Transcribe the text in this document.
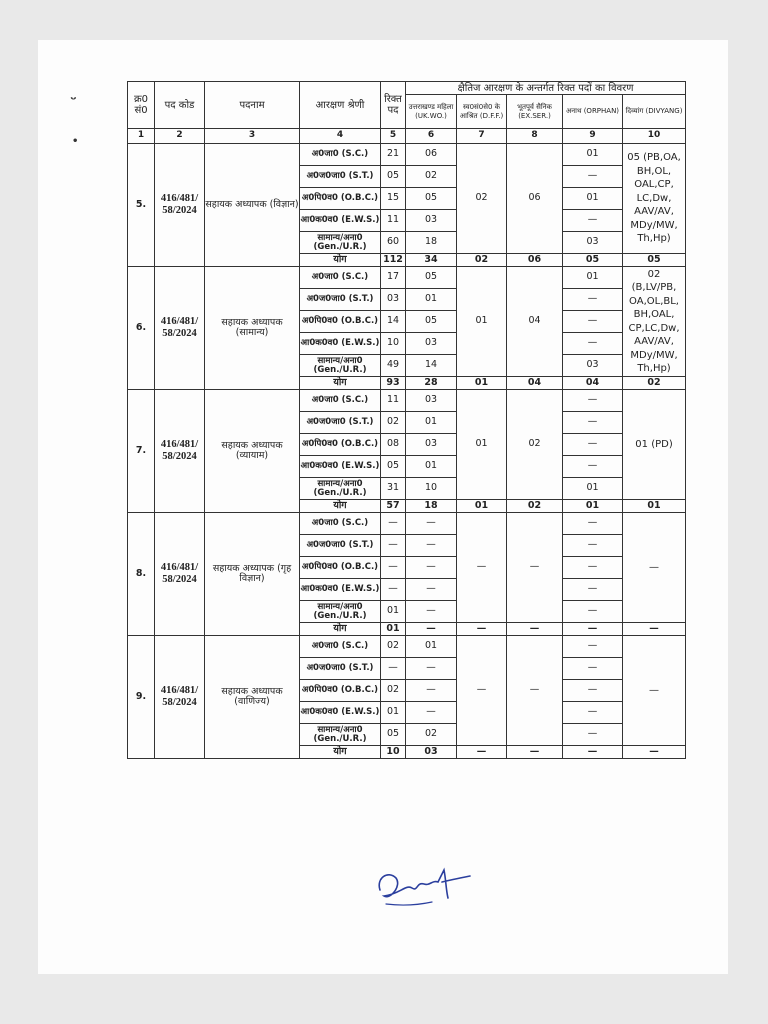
ᵕ
•
क्र0 सं0	पद कोड	पदनाम	आरक्षण श्रेणी	रिक्त पद	क्षैतिज आरक्षण के अन्तर्गत रिक्त पदों का विवरण				
					उत्तराखण्ड महिला (UK.WO.)	स्व0सं0से0 के आश्रित (D.F.F.)	भूतपूर्व सैनिक (EX.SER.)	अनाथ (ORPHAN)	दिव्यांग (DIVYANG)
1	2	3	4	5	6	7	8	9	10
5.	416/481/ 58/2024	सहायक अध्यापक (विज्ञान)	अ0जा0 (S.C.)	21	06	02	06	01	05 (PB,OA, BH,OL, OAL,CP, LC,Dw, AAV/AV, MDy/MW, Th,Hp)
			अ0ज0जा0 (S.T.)	05	02			—	
			अ0पि0व0 (O.B.C.)	15	05			01	
			आ0क0व0 (E.W.S.)	11	03			—	
			सामान्य/अना0 (Gen./U.R.)	60	18			03	
			योग	112	34	02	06	05	05
6.	416/481/ 58/2024	सहायक अध्यापक (सामान्य)	अ0जा0 (S.C.)	17	05	01	04	01	02 (B,LV/PB, OA,OL,BL, BH,OAL, CP,LC,Dw, AAV/AV, MDy/MW, Th,Hp)
			अ0ज0जा0 (S.T.)	03	01			—	
			अ0पि0व0 (O.B.C.)	14	05			—	
			आ0क0व0 (E.W.S.)	10	03			—	
			सामान्य/अना0 (Gen./U.R.)	49	14			03	
			योग	93	28	01	04	04	02
7.	416/481/ 58/2024	सहायक अध्यापक (व्यायाम)	अ0जा0 (S.C.)	11	03	01	02	—	01 (PD)
			अ0ज0जा0 (S.T.)	02	01			—	
			अ0पि0व0 (O.B.C.)	08	03			—	
			आ0क0व0 (E.W.S.)	05	01			—	
			सामान्य/अना0 (Gen./U.R.)	31	10			01	
			योग	57	18	01	02	01	01
8.	416/481/ 58/2024	सहायक अध्यापक (गृह विज्ञान)	अ0जा0 (S.C.)	—	—	—	—	—	—
			अ0ज0जा0 (S.T.)	—	—			—	
			अ0पि0व0 (O.B.C.)	—	—			—	
			आ0क0व0 (E.W.S.)	—	—			—	
			सामान्य/अना0 (Gen./U.R.)	01	—			—	
			योग	01	—	—	—	—	—
9.	416/481/ 58/2024	सहायक अध्यापक (वाणिज्य)	अ0जा0 (S.C.)	02	01	—	—	—	—
			अ0ज0जा0 (S.T.)	—	—			—	
			अ0पि0व0 (O.B.C.)	02	—			—	
			आ0क0व0 (E.W.S.)	01	—			—	
			सामान्य/अना0 (Gen./U.R.)	05	02			—	
			योग	10	03	—	—	—	—
